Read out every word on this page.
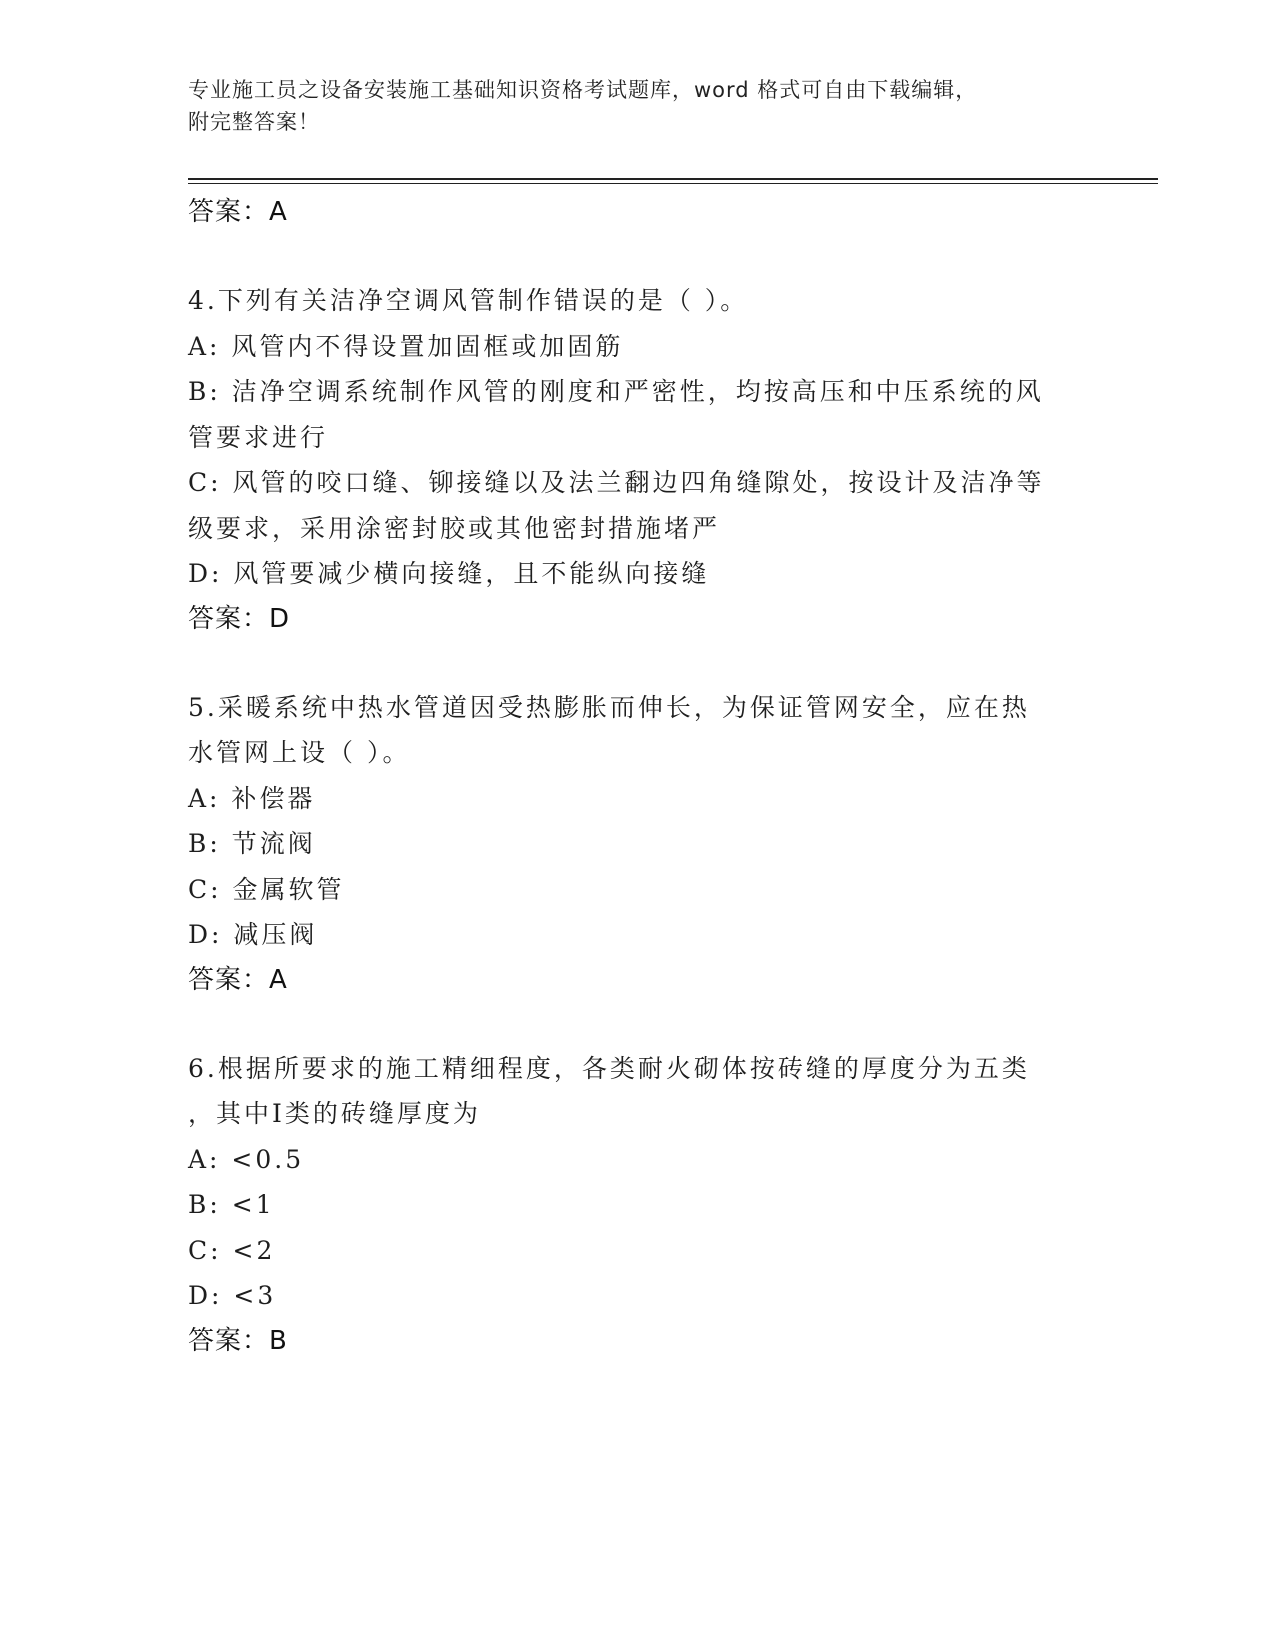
专业施工员之设备安装施工基础知识资格考试题库，word 格式可自由下载编辑，
附完整答案！
答案：A
4.下列有关洁净空调风管制作错误的是（ ）。
A: 风管内不得设置加固框或加固筋
B: 洁净空调系统制作风管的刚度和严密性，均按高压和中压系统的风
管要求进行
C: 风管的咬口缝、铆接缝以及法兰翻边四角缝隙处，按设计及洁净等
级要求，采用涂密封胶或其他密封措施堵严
D: 风管要减少横向接缝，且不能纵向接缝
答案：D
5.采暖系统中热水管道因受热膨胀而伸长，为保证管网安全，应在热
水管网上设（ ）。
A: 补偿器
B: 节流阀
C: 金属软管
D: 减压阀
答案：A
6.根据所要求的施工精细程度，各类耐火砌体按砖缝的厚度分为五类
，其中Ⅰ类的砖缝厚度为
A: <0.5
B: <1
C: <2
D: <3
答案：B
